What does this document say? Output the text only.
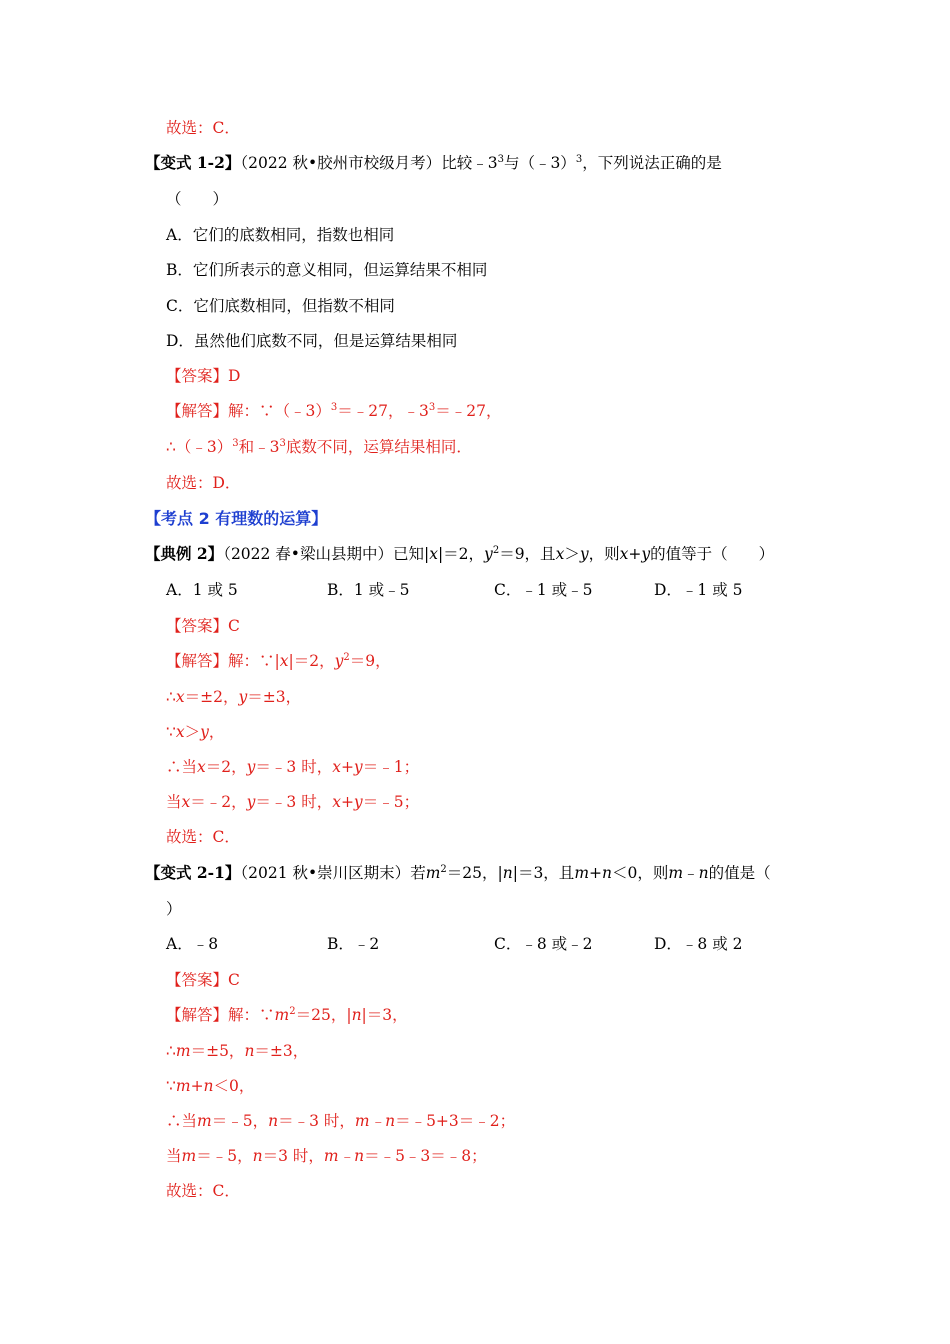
故选：C．
【变式 1-2】（2022 秋•胶州市校级月考）比较$﹣3^3$与（﹣3）$^3$，下列说法正确的是
（　　）
A．它们的底数相同，指数也相同
B．它们所表示的意义相同，但运算结果不相同
C．它们底数相同，但指数不相同
D．虽然他们底数不同，但是运算结果相同
【答案】D
【解答】解：∵（﹣3）$^3$＝﹣27，$﹣3^3=﹣27$，
∴（﹣3）$^3$和$﹣3^3$底数不同，运算结果相同．
故选：D．
【考点 2 有理数的运算】
【典例 2】（2022 春•梁山县期中）已知|x|＝2，$y^2=9$，且x＞y，则x+y的值等于（　　）
A．1 或 5	B．1 或﹣5	C．﹣1 或﹣5	D．﹣1 或 5
【答案】C
【解答】解：∵|x|＝2，$y^2=9$，
∴x＝±2，y＝±3，
∵x＞y，
∴当x＝2，y＝﹣3 时，x+y＝﹣1；
当x＝﹣2，y＝﹣3 时，x+y＝﹣5；
故选：C．
【变式 2-1】（2021 秋•崇川区期末）若$m^2=25$，|n|＝3，且m+n＜0，则m﹣n的值是（
）
A．﹣8	B．﹣2	C．﹣8 或﹣2	D．﹣8 或 2
【答案】C
【解答】解：$\because m^2=25$，|n|＝3，
∴m＝±5，n＝±3，
∵m+n＜0，
∴当m＝﹣5，n＝﹣3 时，m﹣n＝﹣5+3＝﹣2；
当m＝﹣5，n＝3 时，m﹣n＝﹣5﹣3＝﹣8；
故选：C．
